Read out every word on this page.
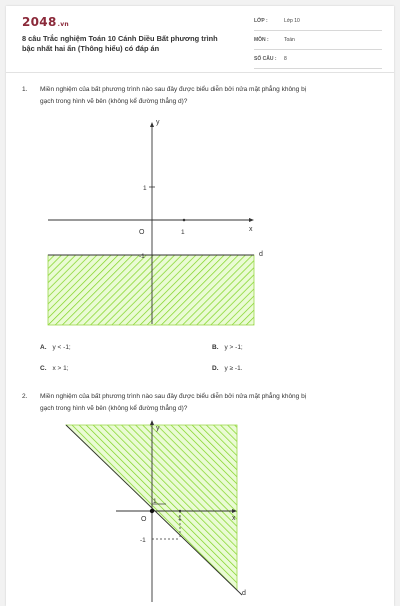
2048.vn
8 câu Trắc nghiệm Toán 10 Cánh Diều Bất phương trình bậc nhất hai ẩn (Thông hiểu) có đáp án
LỚP :	Lớp 10
MÔN :	Toán
SỐ CÂU : 8
1. Miền nghiệm của bất phương trình nào sau đây được biểu diễn bởi nửa mặt phẳng không bị
gạch trong hình vẽ bên (không kể đường thẳng d)?
y
x
O
1
1
-1	d
A. y < -1;	B. y > -1;
C. x > 1;	D. y ≥ -1.
2. Miền nghiệm của bất phương trình nào sau đây được biểu diễn bởi nửa mặt phẳng không bị
gạch trong hình vẽ bên (không kể đường thẳng d)?
y
x
O
1
1
-1
d
